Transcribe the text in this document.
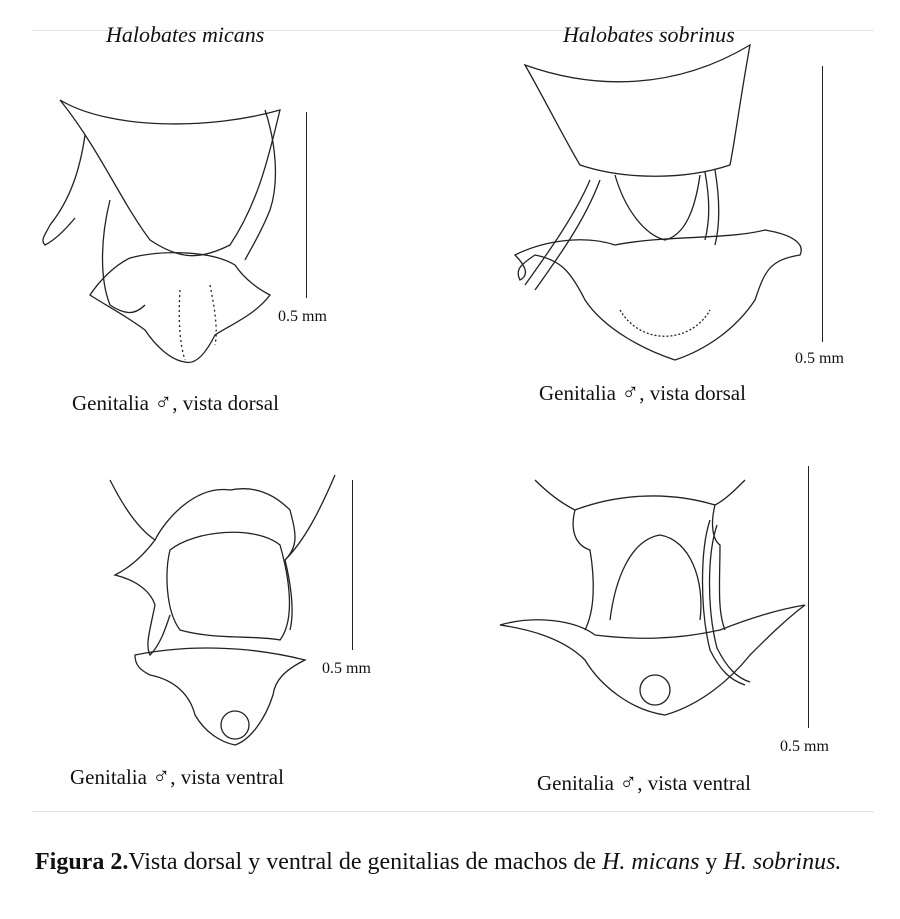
Halobates micans	Halobates sobrinus
0.5 mm
0.5 mm
0.5 mm
0.5 mm
Genitalia ♂, vista dorsal	Genitalia ♂, vista dorsal
Genitalia ♂, vista ventral	Genitalia ♂, vista ventral
Figura 2.Vista dorsal y ventral de genitalias de machos de H. micans y H. sobrinus.
